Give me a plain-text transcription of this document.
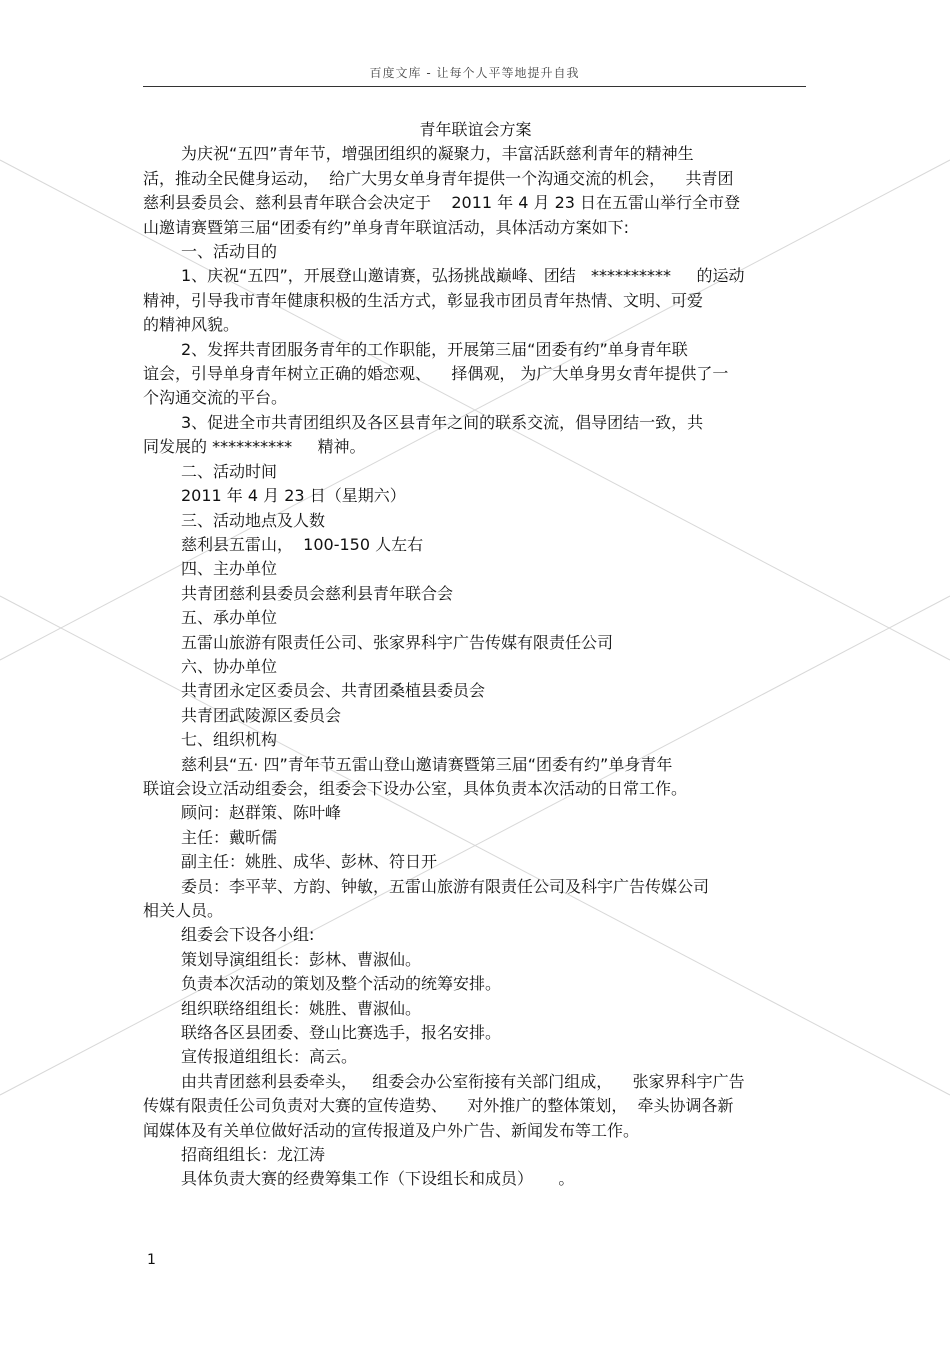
百度文库 - 让每个人平等地提升自我
青年联谊会方案
为庆祝“五四”青年节，增强团组织的凝聚力，丰富活跃慈利青年的精神生
活，推动全民健身运动，  给广大男女单身青年提供一个沟通交流的机会，    共青团
慈利县委员会、慈利县青年联合会决定于    2011 年 4 月 23 日在五雷山举行全市登
山邀请赛暨第三届“团委有约”单身青年联谊活动，具体活动方案如下:
一、活动目的
1、庆祝“五四”，开展登山邀请赛，弘扬挑战巅峰、团结   **********     的运动
精神，引导我市青年健康积极的生活方式，彰显我市团员青年热情、文明、可爱
的精神风貌。
2、发挥共青团服务青年的工作职能，开展第三届“团委有约”单身青年联
谊会，引导单身青年树立正确的婚恋观、    择偶观， 为广大单身男女青年提供了一
个沟通交流的平台。
3、促进全市共青团组织及各区县青年之间的联系交流，倡导团结一致，共
同发展的 **********     精神。
二、活动时间
2011 年 4 月 23 日（星期六）
三、活动地点及人数
慈利县五雷山，  100-150 人左右
四、主办单位
共青团慈利县委员会慈利县青年联合会
五、承办单位
五雷山旅游有限责任公司、张家界科宇广告传媒有限责任公司
六、协办单位
共青团永定区委员会、共青团桑植县委员会
共青团武陵源区委员会
七、组织机构
慈利县“五· 四”青年节五雷山登山邀请赛暨第三届“团委有约”单身青年
联谊会设立活动组委会，组委会下设办公室，具体负责本次活动的日常工作。
顾问：赵群策、陈叶峰
主任：戴昕儒
副主任：姚胜、成华、彭林、符日开
委员：李平苹、方韵、钟敏，五雷山旅游有限责任公司及科宇广告传媒公司
相关人员。
组委会下设各小组:
策划导演组组长：彭林、曹淑仙。
负责本次活动的策划及整个活动的统筹安排。
组织联络组组长：姚胜、曹淑仙。
联络各区县团委、登山比赛选手，报名安排。
宣传报道组组长：高云。
由共青团慈利县委牵头，   组委会办公室衔接有关部门组成，    张家界科宇广告
传媒有限责任公司负责对大赛的宣传造势、    对外推广的整体策划，  牵头协调各新
闻媒体及有关单位做好活动的宣传报道及户外广告、新闻发布等工作。
招商组组长：龙江涛
具体负责大赛的经费筹集工作（下设组长和成员）     。
1
